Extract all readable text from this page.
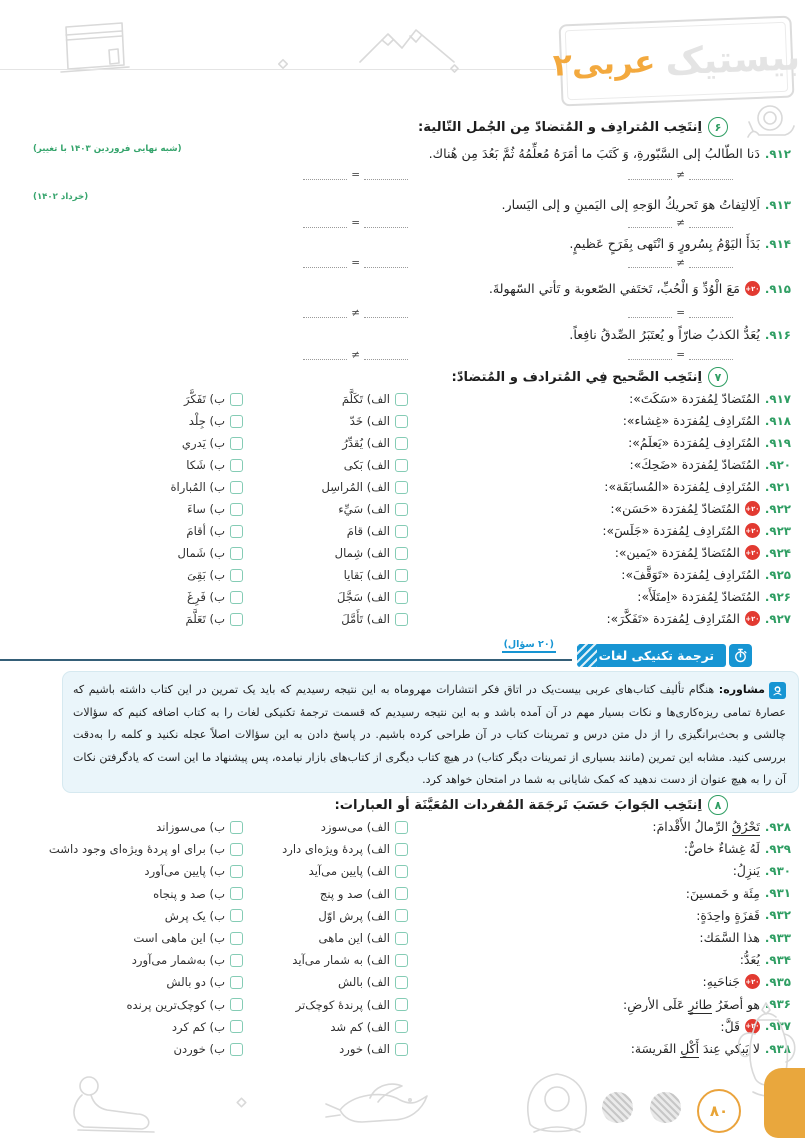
بیستیک
عربی۲
۶
اِنتَخِب المُترادِف و المُتضادّ مِن الجُمل التّالیة:
(شبه نهایی فروردین ۱۴۰۳ با تغییر)
(خرداد ۱۴۰۲)
۹۱۲.
دَنا الطّالبُ إلی السَّبّورةِ، وَ كَتَبَ ما أمَرَهُ مُعلِّمُهُ ثُمَّ بَعُدَ مِن هُناك.
≠
=
۹۱۳.
اَلِالتِفاتُ هوَ تَحریكُ الوَجهِ إلی الیَمینِ و إلی الیَسار.
≠
=
۹۱۴.
بَدَأَ الیَوْمُ بِسُرورٍ وَ انْتَهی بِفَرَحٍ عَظیمٍ.
≠
=
۹۱۵.
+۲۰
مَعَ الْوُدِّ وَ الْحُبِّ، تَختَفي الصّعوبة و تَأتي السّهولةَ.
=
≠
۹۱۶.
یُعَدُّ الكذبُ ضارّاً و یُعتَبَرُ الصِّدقُ نافِعاً.
=
≠
۷
اِنتَخِب الصَّحیح فِي المُترادف و المُتضادّ:
۹۱۷.
المُتَضادّ لِمُفرَدة «سَكَتَ»:
الف) تَكَلَّمَ
ب) تَفَكَّرَ
۹۱۸.
المُتَرادِف لِمُفرَدة «غِشاء»:
الف) خَدّ
ب) جِلْد
۹۱۹.
المُتَرادِف لِمُفرَدة «یَعلَمُ»:
الف) یُقدِّرُ
ب) یَدري
۹۲۰.
المُتَضادّ لِمُفرَدة «ضَحِكَ»:
الف) بَكی
ب) شَكا
۹۲۱.
المُتَرادِف لِمُفرَدة «المُسابَقَة»:
الف) المُراسِل
ب) المُباراة
۹۲۲.
+۲۰
المُتَضادّ لِمُفرَدة «حَسَن»:
الف) سَيِّء
ب) ساءَ
۹۲۳.
+۲۰
المُتَرادِف لِمُفرَدة «جَلَسَ»:
الف) قامَ
ب) أقامَ
۹۲۴.
+۲۰
المُتَضادّ لِمُفرَدة «یَمین»:
الف) شِمال
ب) شَمال
۹۲۵.
المُتَرادِف لِمُفرَدة «تَوَقَّفَ»:
الف) بَقایا
ب) بَقِیَ
۹۲۶.
المُتَضادّ لِمُفرَدة «اِمتَلَأَ»:
الف) سَجَّلَ
ب) فَرِغَ
۹۲۷.
+۲۰
المُتَرادِف لِمُفرَدة «تَفَكَّرَ»:
الف) تَأَمَّلَ
ب) تَعَلَّمَ
ترجمة تکنیکی لغات
(۲۰ سؤال)
مشاوره: هنگام تألیف کتاب‌های عربی بیست‌یک در اتاق فکر انتشارات مهروماه به این نتیجه رسیدیم که باید یک تمرین در این کتاب داشته باشیم که عصارۀ تمامی ریزه‌کاری‌ها و نکات بسیار مهم در آن آمده باشد و به این نتیجه رسیدیم که قسمت ترجمۀ تکنیکی لغات را به کتاب اضافه کنیم که سؤالات چالشی و بحث‌برانگیزی را از دل متن درس و تمرینات کتاب در آن طراحی کرده باشیم. در پاسخ دادن به این سؤالات اصلاً عجله نکنید و کلمه را به‌دقت بررسی کنید. مشابه این تمرین (مانند بسیاری از تمرینات دیگر کتاب) در هیچ کتاب دیگری از کتاب‌های بازار نیامده، پس پیشنهاد ما این است که یادگرفتن نکات آن را به هیچ عنوان از دست ندهید که کمک شایانی به شما در امتحان خواهد کرد.
۸
اِنتَخِب الجَوابَ حَسَبَ تَرجَمَة المُفردات المُعَیَّنَة أو العبارات:
۹۲۸.
تَحْرُقُ الرِّمالُ الأَقْدامَ:
الف) می‌سوزد
ب) می‌سوزاند
۹۲۹.
لَهُ غِشاءٌ خاصٌّ:
الف) پردۀ ویژه‌ای دارد
ب) برای او پردۀ ویژه‌ای وجود داشت
۹۳۰.
یَنزِلُ:
الف) پایین می‌آید
ب) پایین می‌آورد
۹۳۱.
مِئَة و خَمسینَ:
الف) صد و پنج
ب) صد و پنجاه
۹۳۲.
قَفزَةٍ واحِدَةٍ:
الف) پرش اوّل
ب) یک پرش
۹۳۳.
هذا السَّمَك:
الف) این ماهی
ب) این ماهی است
۹۳۴.
یُعَدُّ:
الف) به شمار می‌آید
ب) به‌شمار می‌آورد
۹۳۵.
+۲۰
جَناحَیهِ:
الف) بالش
ب) دو بالش
۹۳۶.
هو أصغَرُ طائرٍ عَلَی الأرضِ:
الف) پرندۀ کوچک‌تر
ب) کوچک‌ترین پرنده
۹۳۷.
+۲۰
قَلَّ:
الف) کم شد
ب) کم کرد
۹۳۸.
لا یَبكي عِندَ أَكْلِ الفَریسَة:
الف) خورد
ب) خوردن
۸۰
